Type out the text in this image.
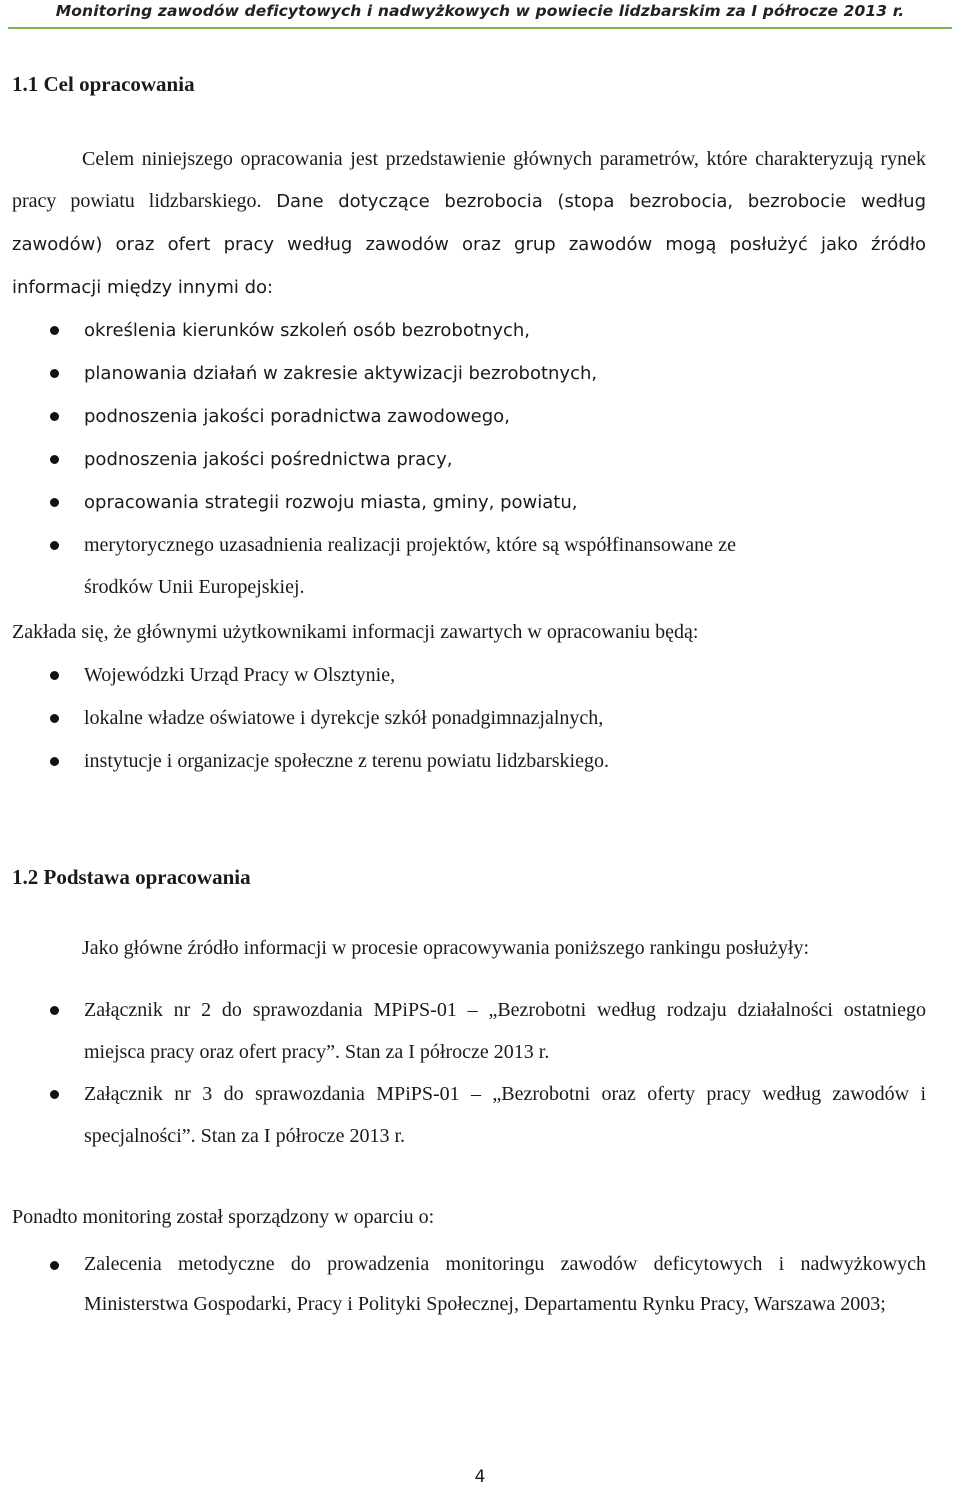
Monitoring zawodów deficytowych i nadwyżkowych w powiecie lidzbarskim za I półrocze 2013 r.
1.1 Cel opracowania

Celem niniejszego opracowania jest przedstawienie głównych parametrów, które charakteryzują rynek pracy powiatu lidzbarskiego. Dane dotyczące bezrobocia (stopa bezrobocia, bezrobocie według zawodów) oraz ofert pracy według zawodów oraz grup zawodów mogą posłużyć jako źródło informacji między innymi do:

określenia kierunków szkoleń osób bezrobotnych,
planowania działań w zakresie aktywizacji bezrobotnych,
podnoszenia jakości poradnictwa zawodowego,
podnoszenia jakości pośrednictwa pracy,
opracowania strategii rozwoju miasta, gminy, powiatu,
merytorycznego uzasadnienia realizacji projektów, które są współfinansowane ze środków Unii Europejskiej.

Zakłada się, że głównymi użytkownikami informacji zawartych w opracowaniu będą:

Wojewódzki Urząd Pracy w Olsztynie,
lokalne władze oświatowe i dyrekcje szkół ponadgimnazjalnych,
instytucje i organizacje społeczne z terenu powiatu lidzbarskiego.
1.2 Podstawa opracowania

Jako główne źródło informacji w procesie opracowywania poniższego rankingu posłużyły:

Załącznik nr 2 do sprawozdania MPiPS-01 – „Bezrobotni według rodzaju działalności ostatniego miejsca pracy oraz ofert pracy”. Stan za I półrocze 2013 r.
Załącznik nr 3 do sprawozdania MPiPS-01 – „Bezrobotni oraz oferty pracy według zawodów i specjalności”. Stan za I półrocze 2013 r.

Ponadto monitoring został sporządzony w oparciu o:

Zalecenia metodyczne do prowadzenia monitoringu zawodów deficytowych i nadwyżkowych Ministerstwa Gospodarki, Pracy i Polityki Społecznej, Departamentu Rynku Pracy, Warszawa 2003;
4
